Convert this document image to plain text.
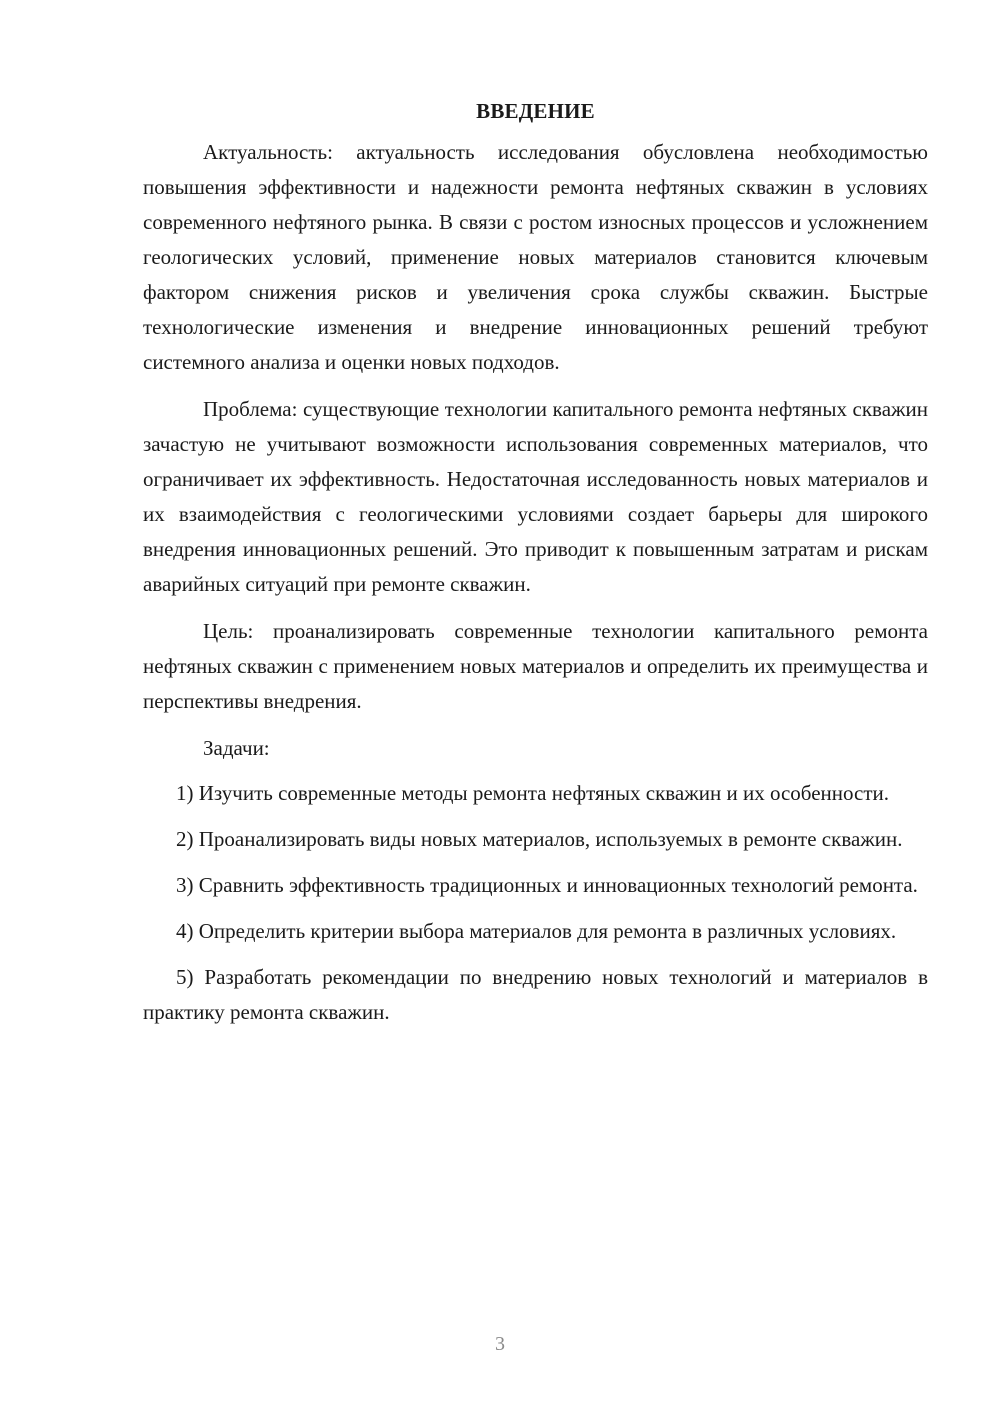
ВВЕДЕНИЕ

Актуальность: актуальность исследования обусловлена необходимостью повышения эффективности и надежности ремонта нефтяных скважин в условиях современного нефтяного рынка. В связи с ростом износных процессов и усложнением геологических условий, применение новых материалов становится ключевым фактором снижения рисков и увеличения срока службы скважин. Быстрые технологические изменения и внедрение инновационных решений требуют системного анализа и оценки новых подходов.

Проблема: существующие технологии капитального ремонта нефтяных скважин зачастую не учитывают возможности использования современных материалов, что ограничивает их эффективность. Недостаточная исследованность новых материалов и их взаимодействия с геологическими условиями создает барьеры для широкого внедрения инновационных решений. Это приводит к повышенным затратам и рискам аварийных ситуаций при ремонте скважин.

Цель: проанализировать современные технологии капитального ремонта нефтяных скважин с применением новых материалов и определить их преимущества и перспективы внедрения.

Задачи:

1) Изучить современные методы ремонта нефтяных скважин и их особенности.
2) Проанализировать виды новых материалов, используемых в ремонте скважин.
3) Сравнить эффективность традиционных и инновационных технологий ремонта.
4) Определить критерии выбора материалов для ремонта в различных условиях.
5) Разработать рекомендации по внедрению новых технологий и материалов в практику ремонта скважин.
3
